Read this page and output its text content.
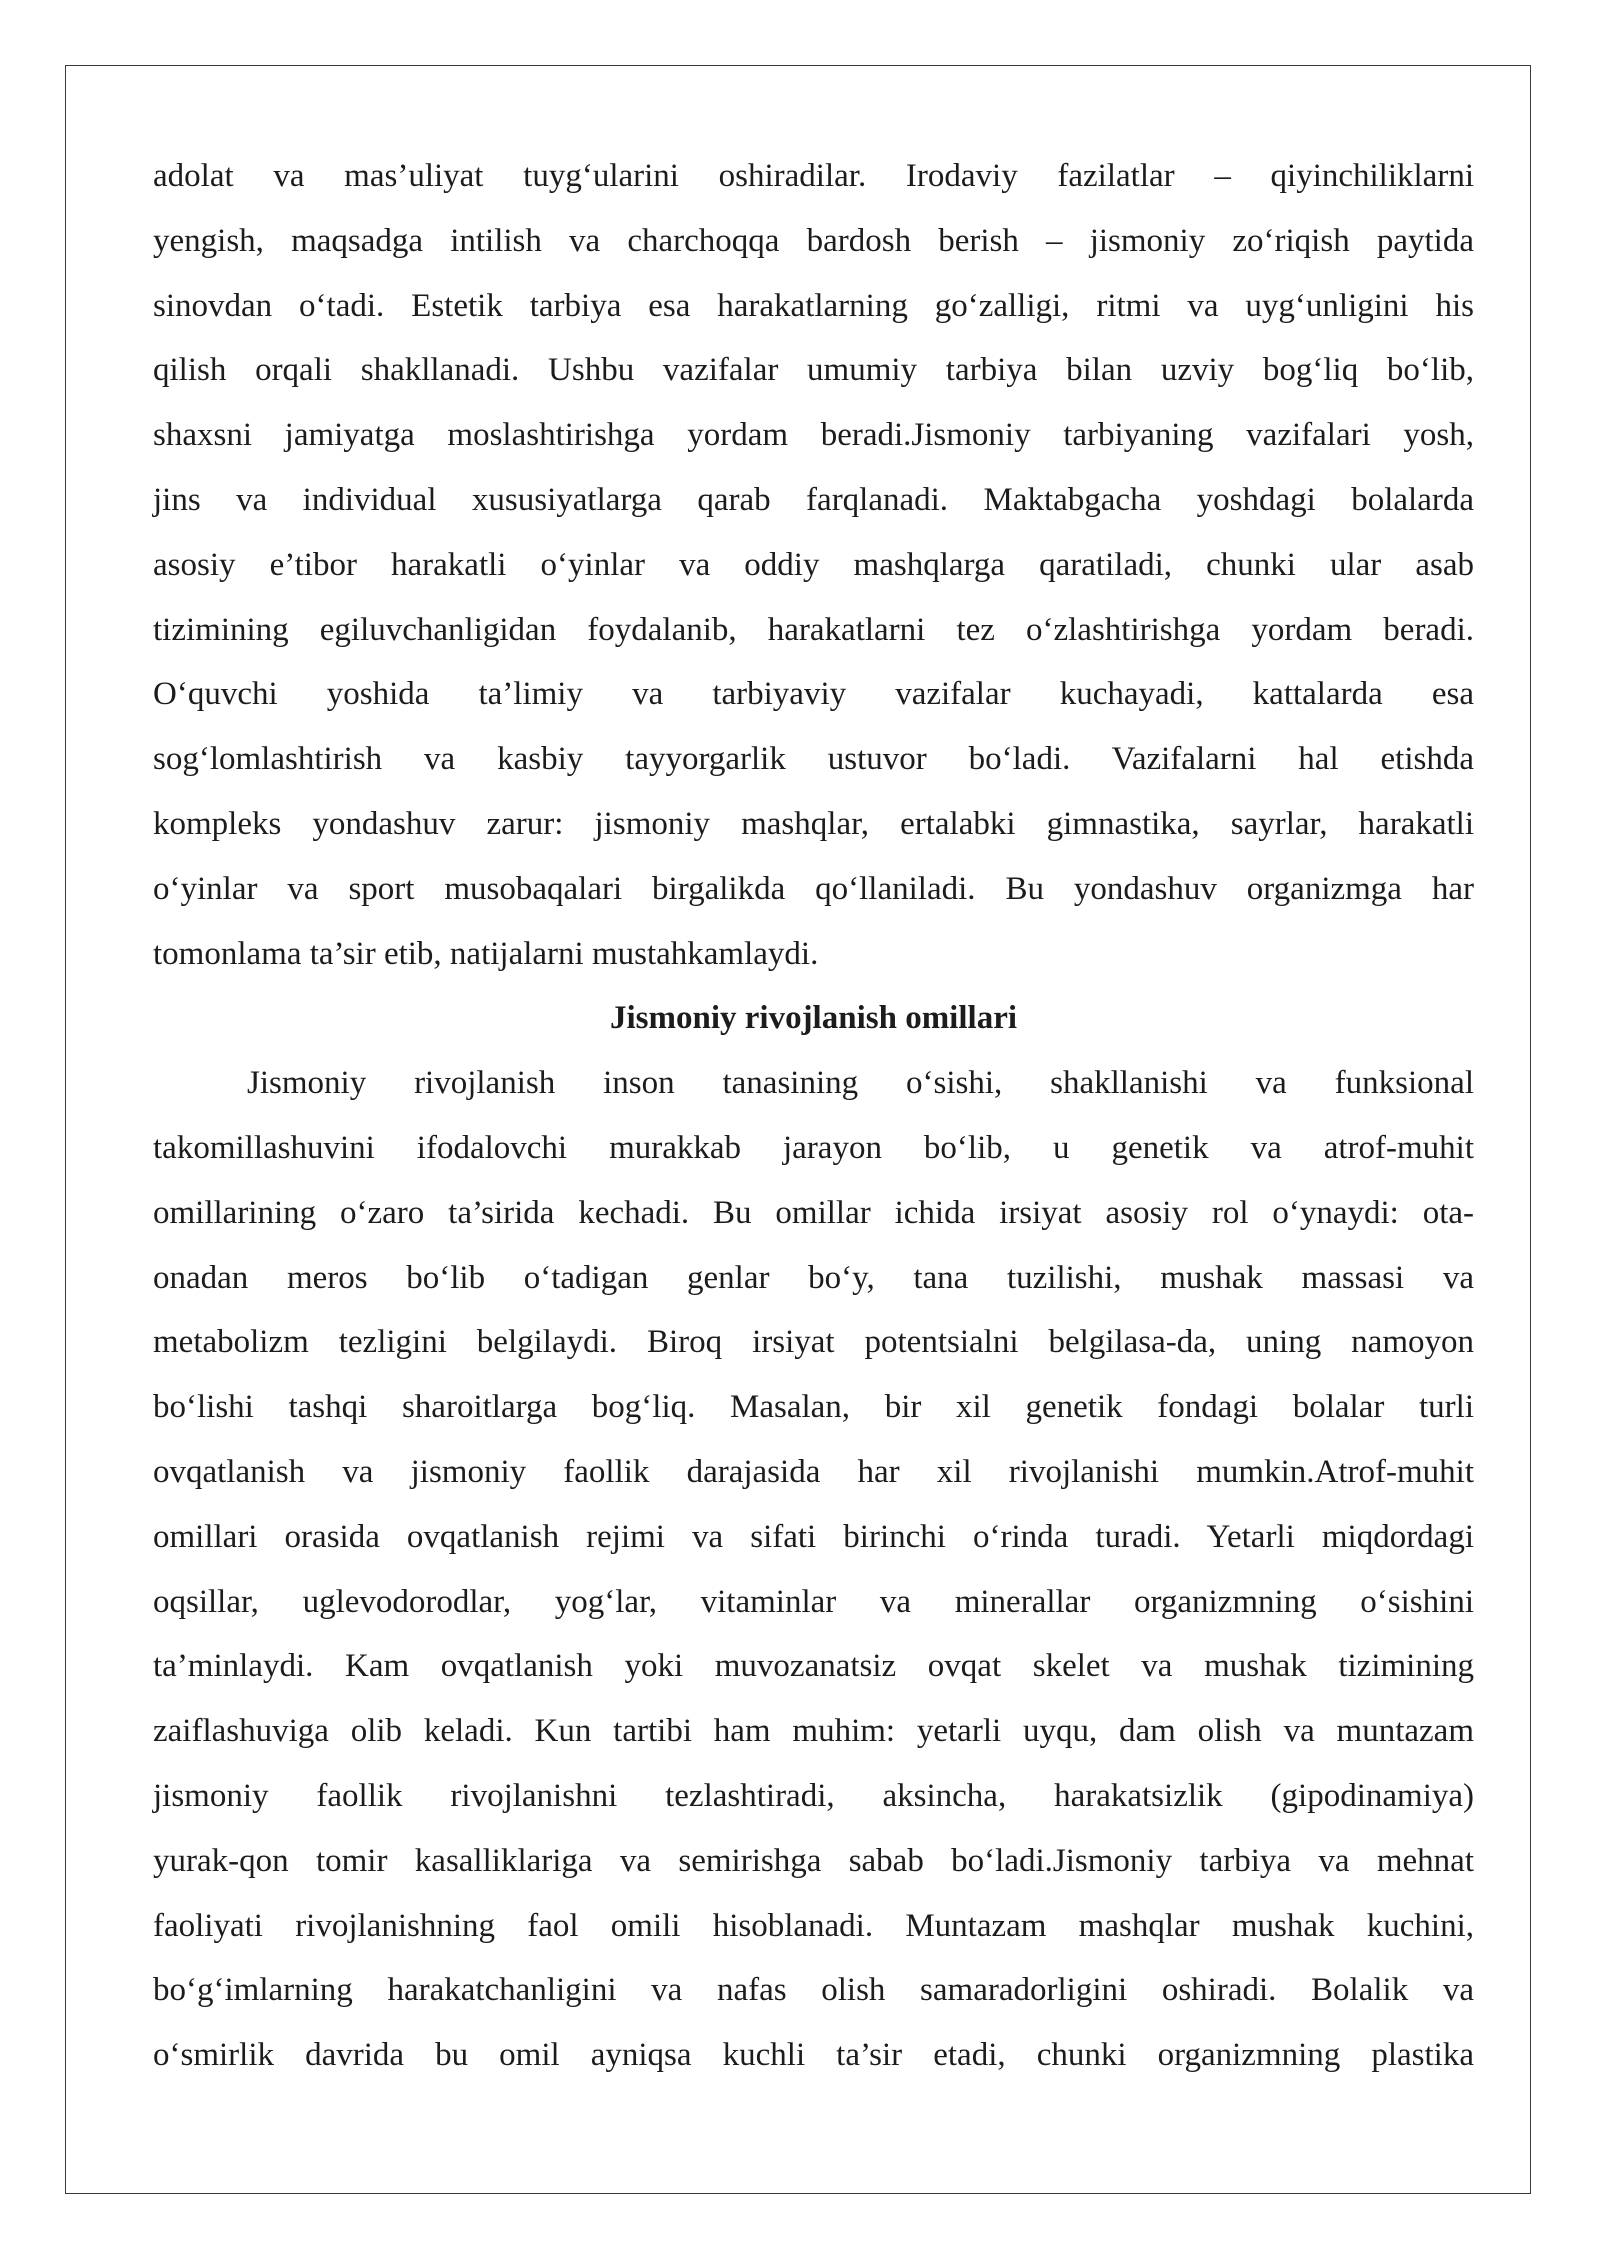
adolat va mas’uliyat tuyg‘ularini oshiradilar. Irodaviy fazilatlar – qiyinchiliklarni
yengish, maqsadga intilish va charchoqqa bardosh berish – jismoniy zo‘riqish paytida
sinovdan o‘tadi. Estetik tarbiya esa harakatlarning go‘zalligi, ritmi va uyg‘unligini his
qilish orqali shakllanadi. Ushbu vazifalar umumiy tarbiya bilan uzviy bog‘liq bo‘lib,
shaxsni jamiyatga moslashtirishga yordam beradi.Jismoniy tarbiyaning vazifalari yosh,
jins va individual xususiyatlarga qarab farqlanadi. Maktabgacha yoshdagi bolalarda
asosiy e’tibor harakatli o‘yinlar va oddiy mashqlarga qaratiladi, chunki ular asab
tizimining egiluvchanligidan foydalanib, harakatlarni tez o‘zlashtirishga yordam beradi.
O‘quvchi yoshida ta’limiy va tarbiyaviy vazifalar kuchayadi, kattalarda esa
sog‘lomlashtirish va kasbiy tayyorgarlik ustuvor bo‘ladi. Vazifalarni hal etishda
kompleks yondashuv zarur: jismoniy mashqlar, ertalabki gimnastika, sayrlar, harakatli
o‘yinlar va sport musobaqalari birgalikda qo‘llaniladi. Bu yondashuv organizmga har
tomonlama ta’sir etib, natijalarni mustahkamlaydi.
Jismoniy rivojlanish omillari
Jismoniy rivojlanish inson tanasining o‘sishi, shakllanishi va funksional
takomillashuvini ifodalovchi murakkab jarayon bo‘lib, u genetik va atrof-muhit
omillarining o‘zaro ta’sirida kechadi. Bu omillar ichida irsiyat asosiy rol o‘ynaydi: ota-
onadan meros bo‘lib o‘tadigan genlar bo‘y, tana tuzilishi, mushak massasi va
metabolizm tezligini belgilaydi. Biroq irsiyat potentsialni belgilasa-da, uning namoyon
bo‘lishi tashqi sharoitlarga bog‘liq. Masalan, bir xil genetik fondagi bolalar turli
ovqatlanish va jismoniy faollik darajasida har xil rivojlanishi mumkin.Atrof-muhit
omillari orasida ovqatlanish rejimi va sifati birinchi o‘rinda turadi. Yetarli miqdordagi
oqsillar, uglevodorodlar, yog‘lar, vitaminlar va minerallar organizmning o‘sishini
ta’minlaydi. Kam ovqatlanish yoki muvozanatsiz ovqat skelet va mushak tizimining
zaiflashuviga olib keladi. Kun tartibi ham muhim: yetarli uyqu, dam olish va muntazam
jismoniy faollik rivojlanishni tezlashtiradi, aksincha, harakatsizlik (gipodinamiya)
yurak-qon tomir kasalliklariga va semirishga sabab bo‘ladi.Jismoniy tarbiya va mehnat
faoliyati rivojlanishning faol omili hisoblanadi. Muntazam mashqlar mushak kuchini,
bo‘g‘imlarning harakatchanligini va nafas olish samaradorligini oshiradi. Bolalik va
o‘smirlik davrida bu omil ayniqsa kuchli ta’sir etadi, chunki organizmning plastika
